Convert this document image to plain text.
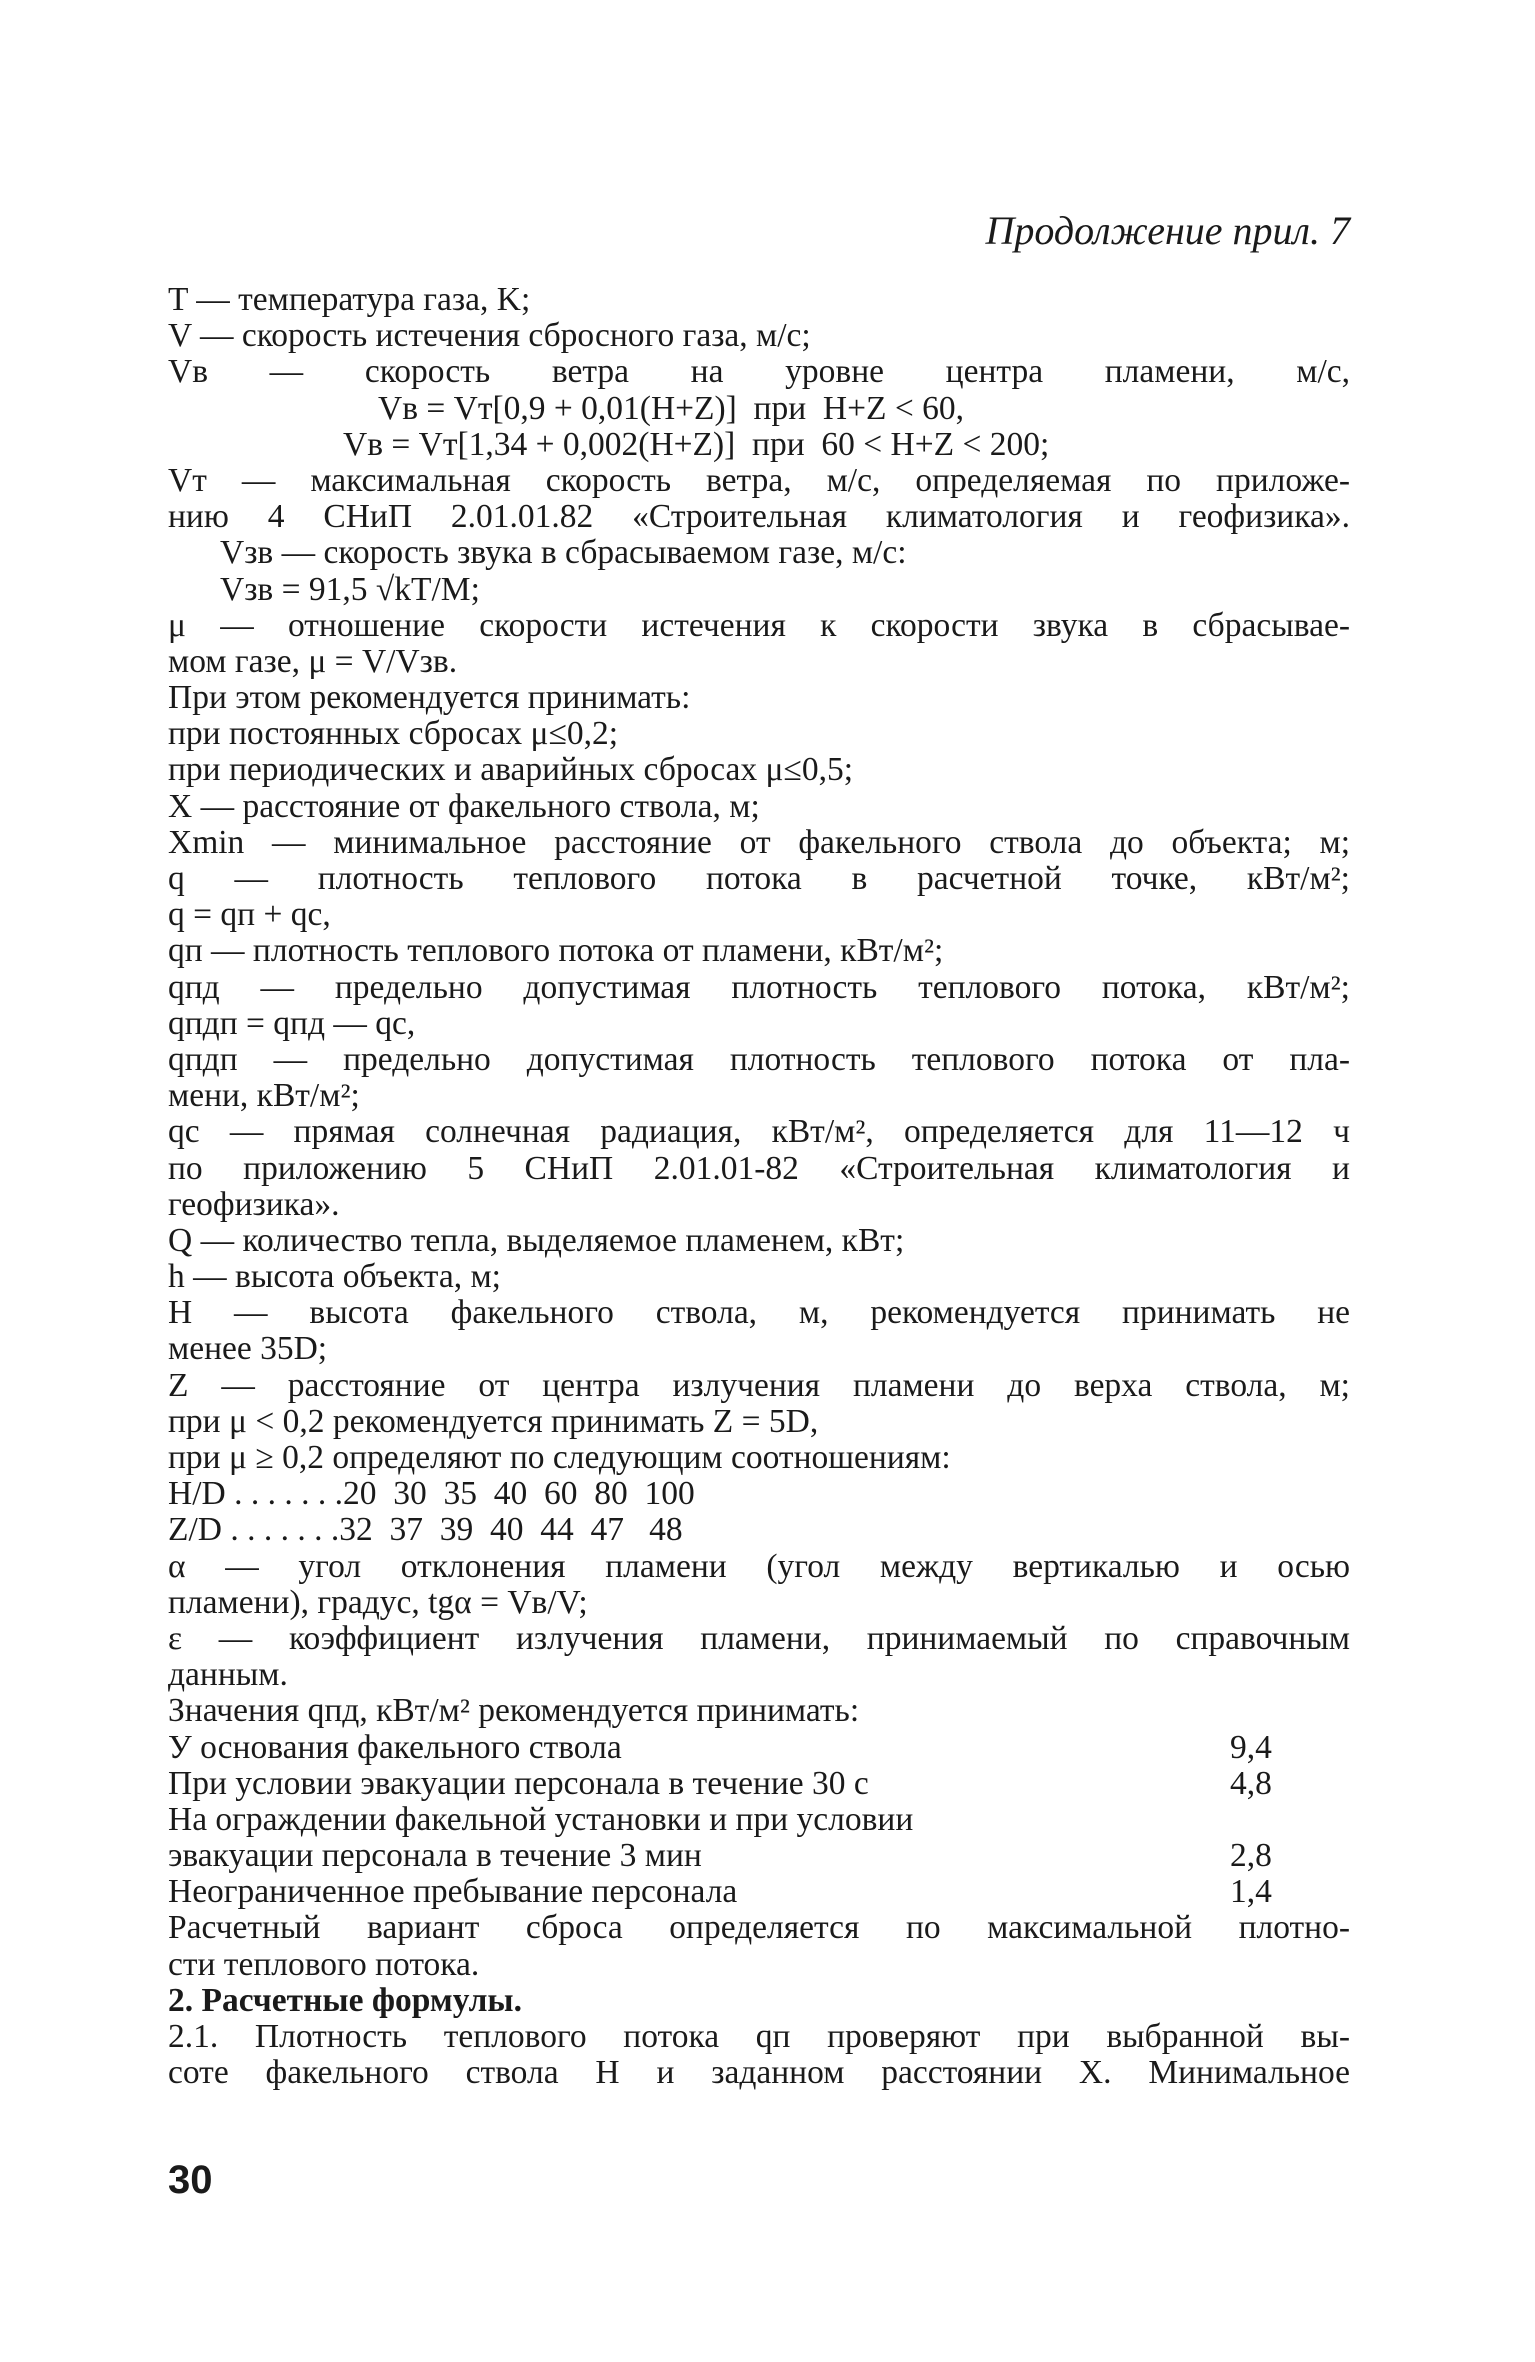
Продолжение прил. 7
T — температура газа, K;
V — скорость истечения сбросного газа, м/с;
Vв — скорость ветра на уровне центра пламени, м/с,
Vв = Vт[0,9 + 0,01(H+Z)]  при  H+Z < 60,
Vв = Vт[1,34 + 0,002(H+Z)]  при  60 < H+Z < 200;
Vт — максимальная скорость ветра, м/с, определяемая по приложе-
нию 4 СНиП 2.01.01.82 «Строительная климатология и геофизика».
Vзв — скорость звука в сбрасываемом газе, м/с:
Vзв = 91,5 √kT/M;
μ — отношение скорости истечения к скорости звука в сбрасывае-
мом газе, μ = V/Vзв.
При этом рекомендуется принимать:
при постоянных сбросах μ≤0,2;
при периодических и аварийных сбросах μ≤0,5;
X — расстояние от факельного ствола, м;
Xmin — минимальное расстояние от факельного ствола до объекта; м;
q — плотность теплового потока в расчетной точке, кВт/м²;
q = qп + qс,
qп — плотность теплового потока от пламени, кВт/м²;
qпд — предельно допустимая плотность теплового потока, кВт/м²;
qпдп = qпд — qс,
qпдп — предельно допустимая плотность теплового потока от пла-
мени, кВт/м²;
qс — прямая солнечная радиация, кВт/м², определяется для 11—12 ч
по приложению 5 СНиП 2.01.01-82 «Строительная климатология и
геофизика».
Q — количество тепла, выделяемое пламенем, кВт;
h — высота объекта, м;
H — высота факельного ствола, м, рекомендуется принимать не
менее 35D;
Z — расстояние от центра излучения пламени до верха ствола, м;
при μ < 0,2 рекомендуется принимать Z = 5D,
при μ ≥ 0,2 определяют по следующим соотношениям:
H/D . . . . . . .20  30  35  40  60  80  100
Z/D . . . . . . .32  37  39  40  44  47   48
α — угол отклонения пламени (угол между вертикалью и осью
пламени), градус, tgα = Vв/V;
ε — коэффициент излучения пламени, принимаемый по справочным
данным.
Значения qпд, кВт/м² рекомендуется принимать:
У основания факельного ствола	9,4
При условии эвакуации персонала в течение 30 с	4,8
На ограждении факельной установки и при условии
эвакуации персонала в течение 3 мин	2,8
Неограниченное пребывание персонала	1,4
Расчетный вариант сброса определяется по максимальной плотно-
сти теплового потока.
2. Расчетные формулы.
2.1. Плотность теплового потока qп проверяют при выбранной вы-
соте факельного ствола H и заданном расстоянии X. Минимальное
30
